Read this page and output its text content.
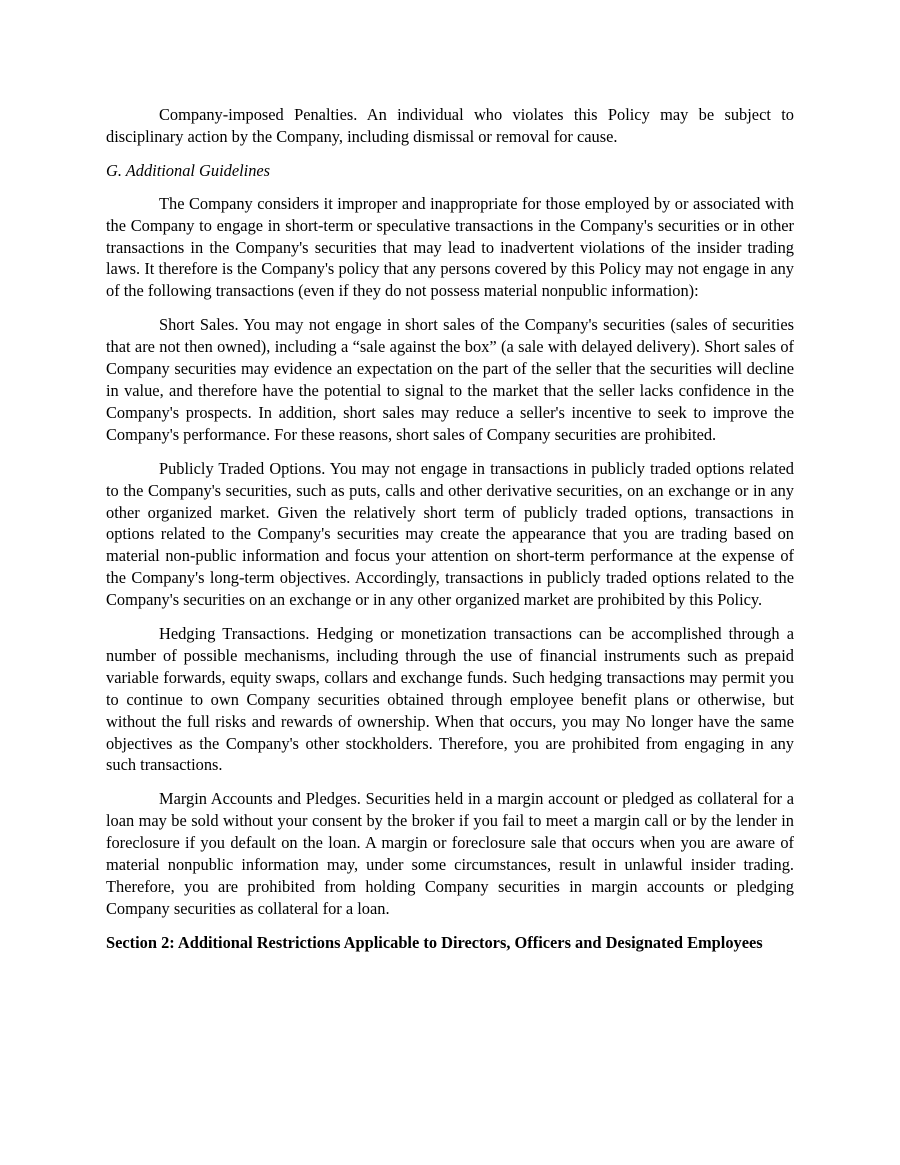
Company-imposed Penalties. An individual who violates this Policy may be subject to disciplinary action by the Company, including dismissal or removal for cause.

G. Additional Guidelines

The Company considers it improper and inappropriate for those employed by or associated with the Company to engage in short-term or speculative transactions in the Company's securities or in other transactions in the Company's securities that may lead to inadvertent violations of the insider trading laws. It therefore is the Company's policy that any persons covered by this Policy may not engage in any of the following transactions (even if they do not possess material nonpublic information):

Short Sales. You may not engage in short sales of the Company's securities (sales of securities that are not then owned), including a “sale against the box” (a sale with delayed delivery). Short sales of Company securities may evidence an expectation on the part of the seller that the securities will decline in value, and therefore have the potential to signal to the market that the seller lacks confidence in the Company's prospects. In addition, short sales may reduce a seller's incentive to seek to improve the Company's performance. For these reasons, short sales of Company securities are prohibited.

Publicly Traded Options. You may not engage in transactions in publicly traded options related to the Company's securities, such as puts, calls and other derivative securities, on an exchange or in any other organized market. Given the relatively short term of publicly traded options, transactions in options related to the Company's securities may create the appearance that you are trading based on material non-public information and focus your attention on short-term performance at the expense of the Company's long-term objectives. Accordingly, transactions in publicly traded options related to the Company's securities on an exchange or in any other organized market are prohibited by this Policy.

Hedging Transactions. Hedging or monetization transactions can be accomplished through a number of possible mechanisms, including through the use of financial instruments such as prepaid variable forwards, equity swaps, collars and exchange funds. Such hedging transactions may permit you to continue to own Company securities obtained through employee benefit plans or otherwise, but without the full risks and rewards of ownership. When that occurs, you may No longer have the same objectives as the Company's other stockholders. Therefore, you are prohibited from engaging in any such transactions.

Margin Accounts and Pledges. Securities held in a margin account or pledged as collateral for a loan may be sold without your consent by the broker if you fail to meet a margin call or by the lender in foreclosure if you default on the loan. A margin or foreclosure sale that occurs when you are aware of material nonpublic information may, under some circumstances, result in unlawful insider trading. Therefore, you are prohibited from holding Company securities in margin accounts or pledging Company securities as collateral for a loan.

Section 2: Additional Restrictions Applicable to Directors, Officers and Designated Employees
